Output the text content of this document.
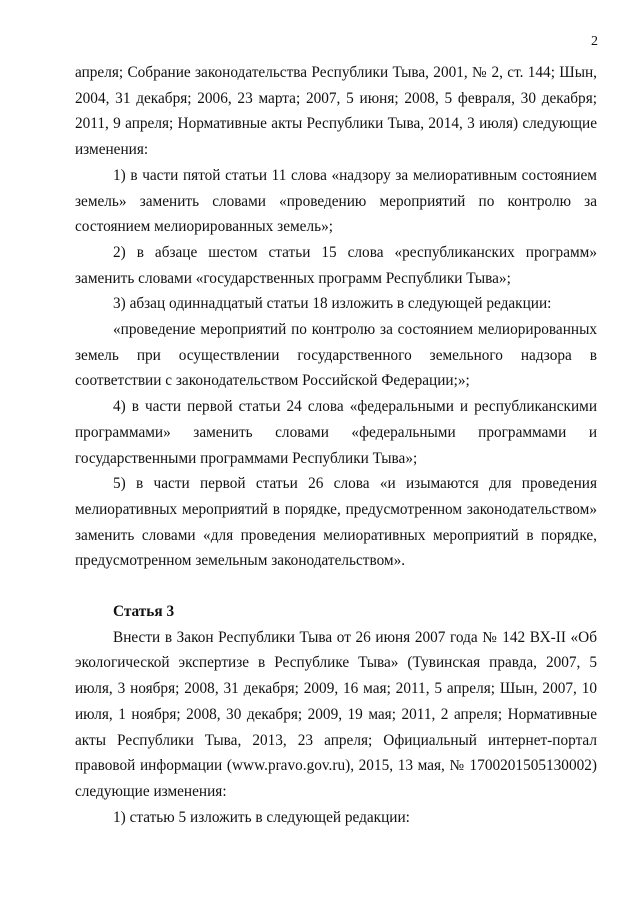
2

апреля; Собрание законодательства Республики Тыва, 2001, № 2, ст. 144; Шын, 2004, 31 декабря; 2006, 23 марта; 2007, 5 июня; 2008, 5 февраля, 30 декабря; 2011, 9 апреля; Нормативные акты Республики Тыва, 2014, 3 июля) следующие изменения:

1) в части пятой статьи 11 слова «надзору за мелиоративным состоянием земель» заменить словами «проведению мероприятий по контролю за состоянием мелиорированных земель»;

2) в абзаце шестом статьи 15 слова «республиканских программ» заменить словами «государственных программ Республики Тыва»;

3) абзац одиннадцатый статьи 18 изложить в следующей редакции:

«проведение мероприятий по контролю за состоянием мелиорированных земель при осуществлении государственного земельного надзора в соответствии с законодательством Российской Федерации;»;

4) в части первой статьи 24 слова «федеральными и республиканскими программами» заменить словами «федеральными программами и государственными программами Республики Тыва»;

5) в части первой статьи 26 слова «и изымаются для проведения мелиоративных мероприятий в порядке, предусмотренном законодательством» заменить словами «для проведения мелиоративных мероприятий в порядке, предусмотренном земельным законодательством».

Статья 3

Внести в Закон Республики Тыва от 26 июня 2007 года № 142 ВХ-II «Об экологической экспертизе в Республике Тыва» (Тувинская правда, 2007, 5 июля, 3 ноября; 2008, 31 декабря; 2009, 16 мая; 2011, 5 апреля; Шын, 2007, 10 июля, 1 ноября; 2008, 30 декабря; 2009, 19 мая; 2011, 2 апреля; Нормативные акты Республики Тыва, 2013, 23 апреля; Официальный интернет-портал правовой информации (www.pravo.gov.ru), 2015, 13 мая, № 1700201505130002) следующие изменения:

1) статью 5 изложить в следующей редакции:
